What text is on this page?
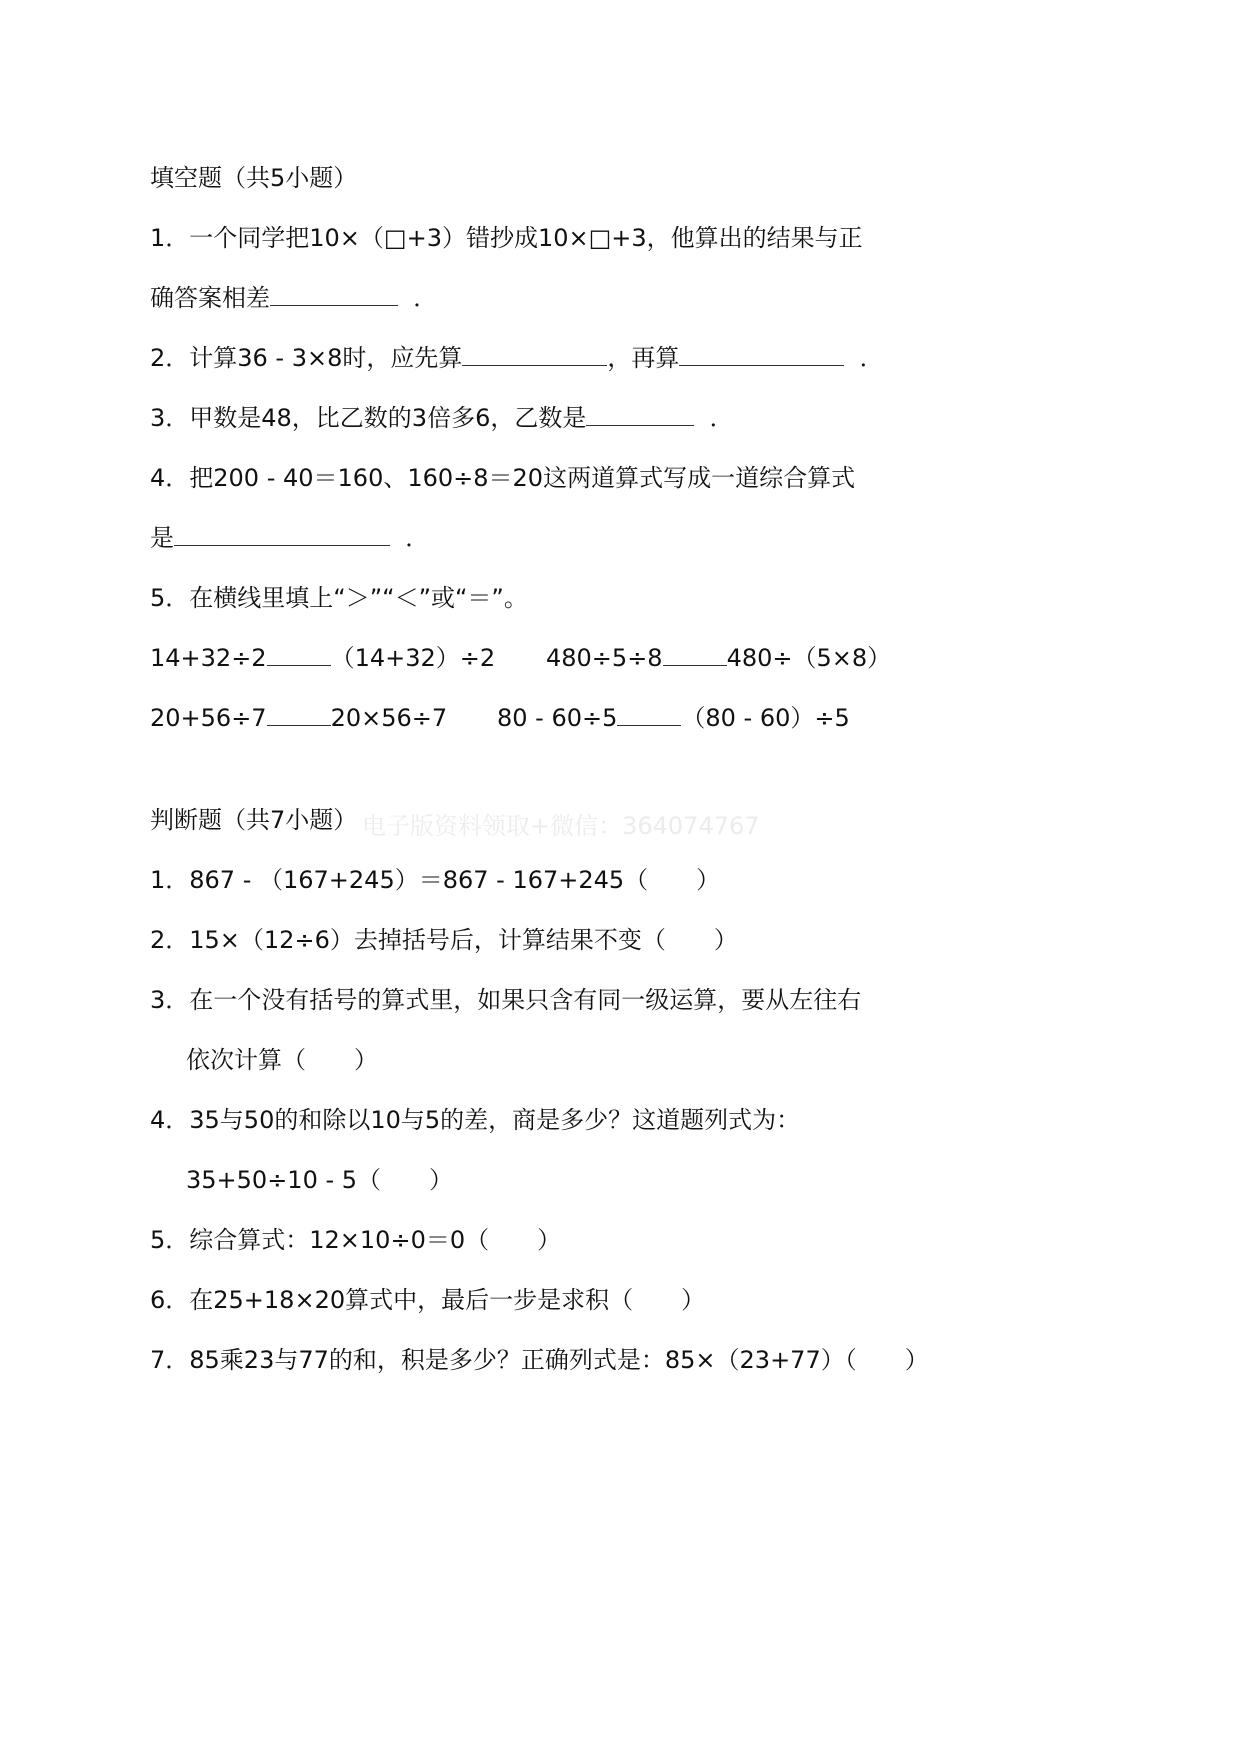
填空题（共5小题）
1．一个同学把10×（□+3）错抄成10×□+3，他算出的结果与正
确答案相差	．
2．计算36 - 3×8时，应先算	，再算	．
3．甲数是48，比乙数的3倍多6，乙数是	．
4．把200 - 40＝160、160÷8＝20这两道算式写成一道综合算式
是	．
5．在横线里填上“＞”“＜”或“＝”。
14+32÷2	（14+32）÷2 480÷5÷8	480÷（5×8）
20+56÷7	20×56÷7 80 - 60÷5	（80 - 60）÷5
判断题（共7小题） 电子版资料领取+微信：364074767
1．867 - （167+245）＝867 - 167+245（　　）
2．15×（12÷6）去掉括号后，计算结果不变（　　）
3．在一个没有括号的算式里，如果只含有同一级运算，要从左往右
依次计算（　　）
4．35与50的和除以10与5的差，商是多少？这道题列式为：
35+50÷10 - 5（　　）
5．综合算式：12×10÷0＝0（　　）
6．在25+18×20算式中，最后一步是求积（　　）
7．85乘23与77的和，积是多少？正确列式是：85×（23+77）（　　）
